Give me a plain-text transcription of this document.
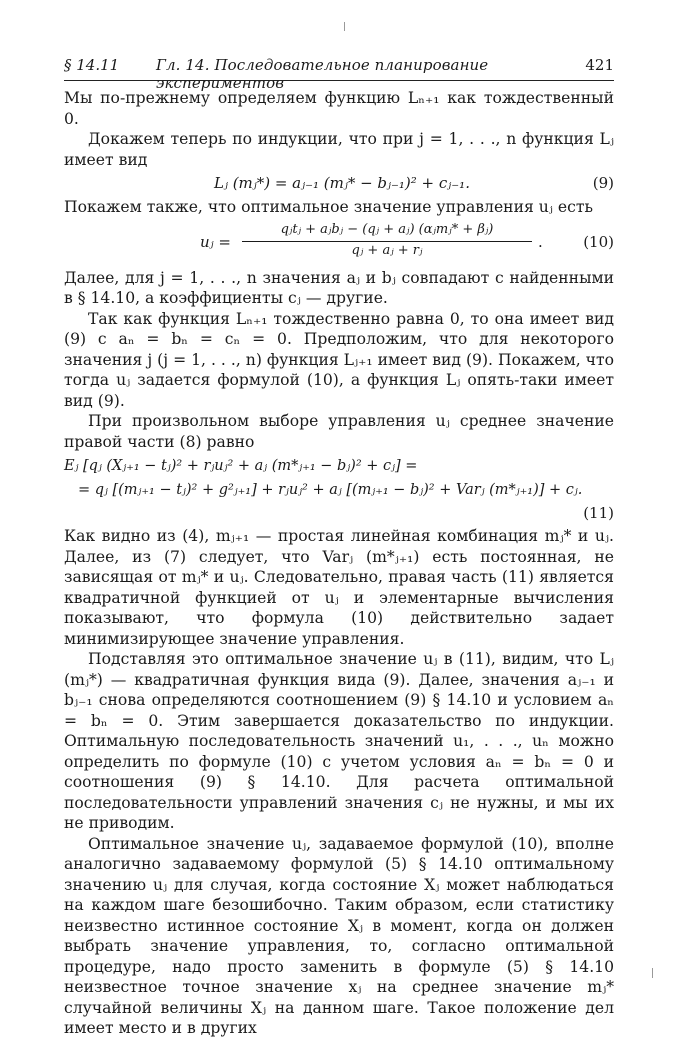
§ 14.11 Гл. 14. Последовательное планирование экспериментов
421

Мы по-прежнему определяем функцию Lₙ₊₁ как тождественный 0.

Докажем теперь по индукции, что при j = 1, . . ., n функция Lⱼ имеет вид

Lⱼ (mⱼ*) = aⱼ₋₁ (mⱼ* − bⱼ₋₁)² + cⱼ₋₁.	(9)

Покажем также, что оптимальное значение управления uⱼ есть

uⱼ =
qⱼtⱼ + aⱼbⱼ − (qⱼ + aⱼ) (αⱼmⱼ* + βⱼ)
qⱼ + aⱼ + rⱼ	.	(10)

Далее, для j = 1, . . ., n значения aⱼ и bⱼ совпадают с найденными в § 14.10, а коэффициенты cⱼ — другие.

Так как функция Lₙ₊₁ тождественно равна 0, то она имеет вид (9) с aₙ = bₙ = cₙ = 0. Предположим, что для некоторого значения j (j = 1, . . ., n) функция Lⱼ₊₁ имеет вид (9). Покажем, что тогда uⱼ задается формулой (10), а функция Lⱼ опять-таки имеет вид (9).

При произвольном выборе управления uⱼ среднее значение правой части (8) равно

Eⱼ [qⱼ (Xⱼ₊₁ − tⱼ)² + rⱼuⱼ² + aⱼ (m*ⱼ₊₁ − bⱼ)² + cⱼ] =
= qⱼ [(mⱼ₊₁ − tⱼ)² + g²ⱼ₊₁] + rⱼuⱼ² + aⱼ [(mⱼ₊₁ − bⱼ)² + Varⱼ (m*ⱼ₊₁)] + cⱼ.
(11)

Как видно из (4), mⱼ₊₁ — простая линейная комбинация mⱼ* и uⱼ. Далее, из (7) следует, что Varⱼ (m*ⱼ₊₁) есть постоянная, не зависящая от mⱼ* и uⱼ. Следовательно, правая часть (11) является квадратичной функцией от uⱼ и элементарные вычисления показывают, что формула (10) действительно задает минимизирующее значение управления.

Подставляя это оптимальное значение uⱼ в (11), видим, что Lⱼ (mⱼ*) — квадратичная функция вида (9). Далее, значения aⱼ₋₁ и bⱼ₋₁ снова определяются соотношением (9) § 14.10 и условием aₙ = bₙ = 0. Этим завершается доказательство по индукции. Оптимальную последовательность значений u₁, . . ., uₙ можно определить по формуле (10) с учетом условия aₙ = bₙ = 0 и соотношения (9) § 14.10. Для расчета оптимальной последовательности управлений значения cⱼ не нужны, и мы их не приводим.

Оптимальное значение uⱼ, задаваемое формулой (10), вполне аналогично задаваемому формулой (5) § 14.10 оптимальному значению uⱼ для случая, когда состояние Xⱼ может наблюдаться на каждом шаге безошибочно. Таким образом, если статистику неизвестно истинное состояние Xⱼ в момент, когда он должен выбрать значение управления, то, согласно оптимальной процедуре, надо просто заменить в формуле (5) § 14.10 неизвестное точное значение xⱼ на среднее значение mⱼ* случайной величины Xⱼ на данном шаге. Такое положение дел имеет место и в других
